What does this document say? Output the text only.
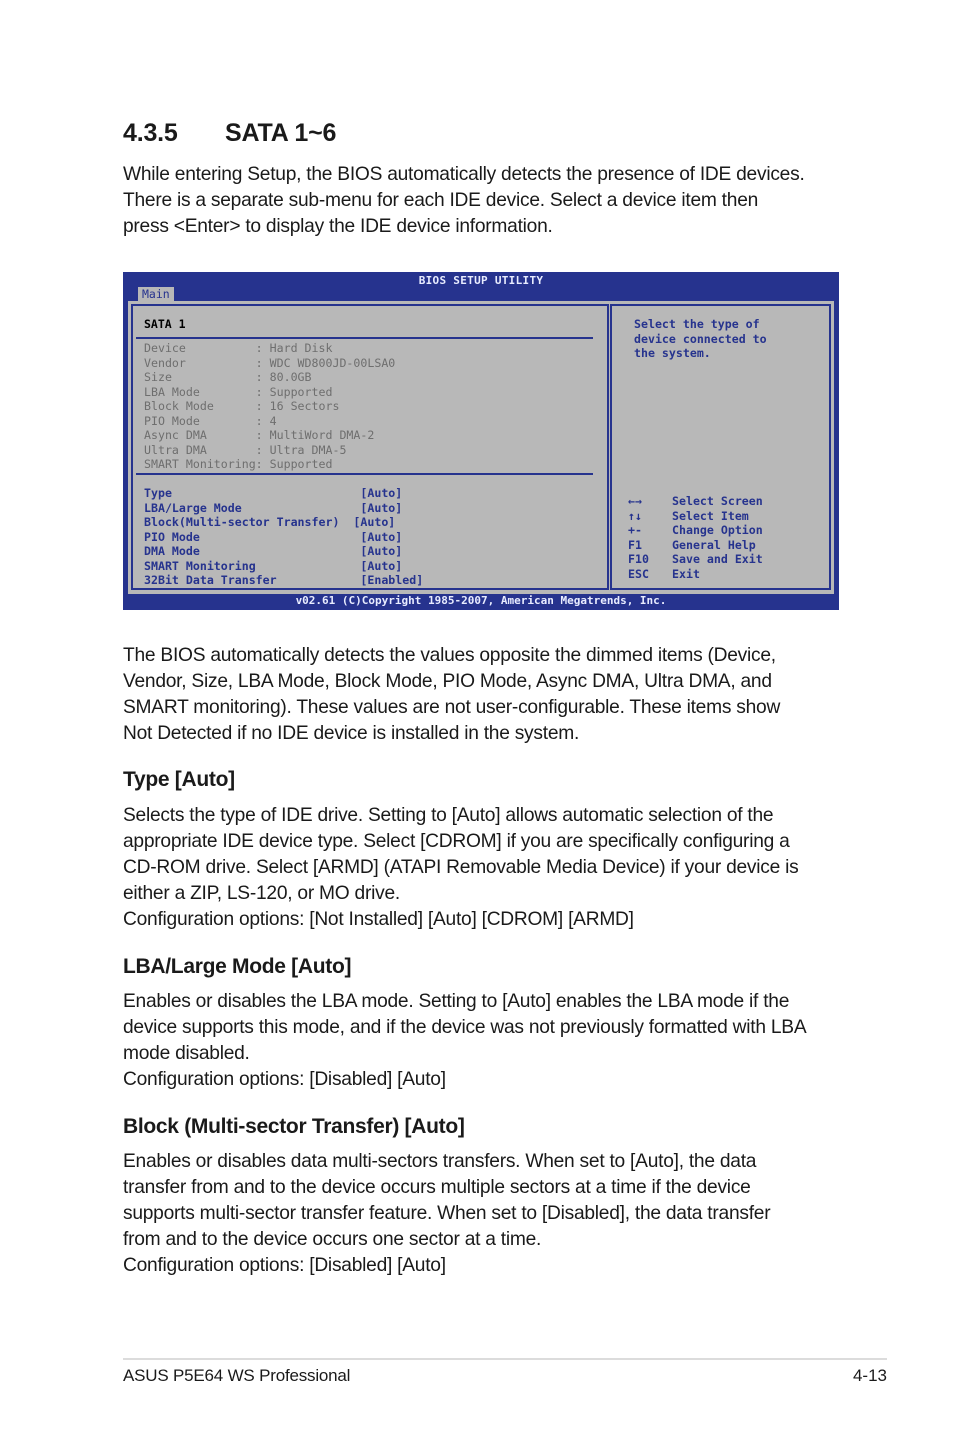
4.3.5 SATA 1~6
While entering Setup, the BIOS automatically detects the presence of IDE devices.
There is a separate sub-menu for each IDE device. Select a device item then
press <Enter> to display the IDE device information.
BIOS SETUP UTILITY
Main
SATA 1
Device          : Hard Disk
Vendor          : WDC WD800JD-00LSA0
Size            : 80.0GB
LBA Mode        : Supported
Block Mode      : 16 Sectors
PIO Mode        : 4
Async DMA       : MultiWord DMA-2
Ultra DMA       : Ultra DMA-5
SMART Monitoring: Supported
Type                           [Auto]
LBA/Large Mode                 [Auto]
Block(Multi-sector Transfer)  [Auto]
PIO Mode                       [Auto]
DMA Mode                       [Auto]
SMART Monitoring               [Auto]
32Bit Data Transfer            [Enabled]
Select the type of
device connected to
the system.
←→	Select Screen
↑↓	Select Item
+-	Change Option
F1	General Help
F10	Save and Exit
ESC	Exit
v02.61 (C)Copyright 1985-2007, American Megatrends, Inc.
The BIOS automatically detects the values opposite the dimmed items (Device,
Vendor, Size, LBA Mode, Block Mode, PIO Mode, Async DMA, Ultra DMA, and
SMART monitoring). These values are not user-configurable. These items show
Not Detected if no IDE device is installed in the system.
Type [Auto]
Selects the type of IDE drive. Setting to [Auto] allows automatic selection of the
appropriate IDE device type. Select [CDROM] if you are specifically configuring a
CD-ROM drive. Select [ARMD] (ATAPI Removable Media Device) if your device is
either a ZIP, LS-120, or MO drive.
Configuration options: [Not Installed] [Auto] [CDROM] [ARMD]
LBA/Large Mode [Auto]
Enables or disables the LBA mode. Setting to [Auto] enables the LBA mode if the
device supports this mode, and if the device was not previously formatted with LBA
mode disabled.
Configuration options: [Disabled] [Auto]
Block (Multi-sector Transfer) [Auto]
Enables or disables data multi-sectors transfers. When set to [Auto], the data
transfer from and to the device occurs multiple sectors at a time if the device
supports multi-sector transfer feature. When set to [Disabled], the data transfer
from and to the device occurs one sector at a time.
Configuration options: [Disabled] [Auto]
ASUS P5E64 WS Professional	4-13
